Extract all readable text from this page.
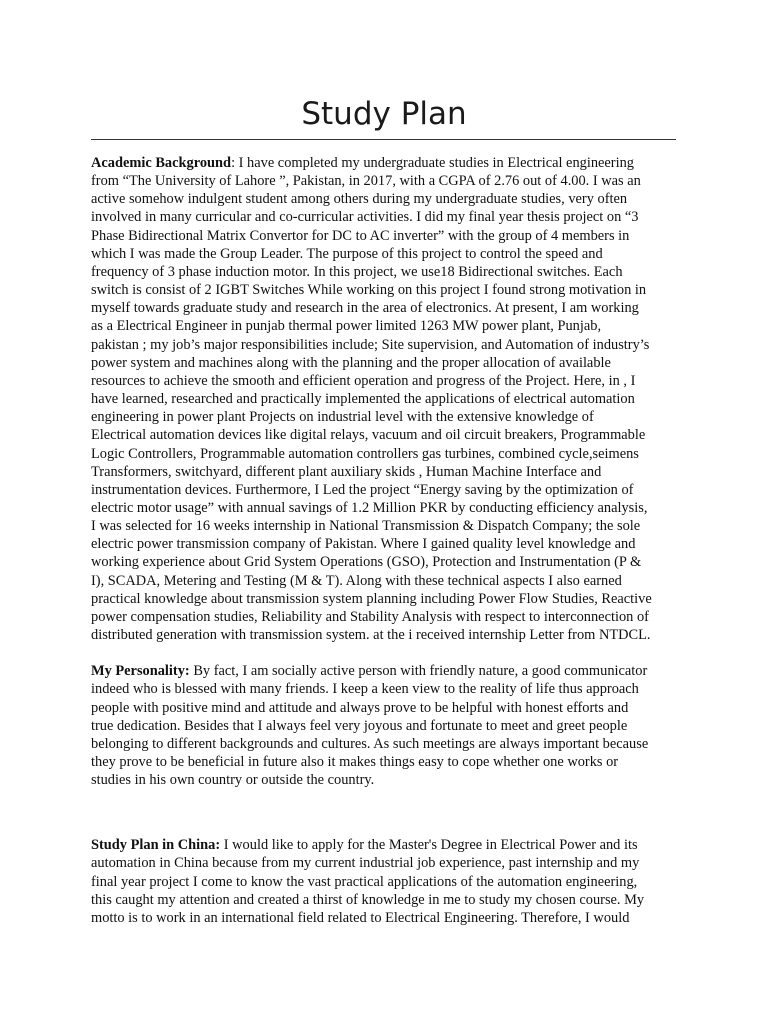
Study Plan
Academic Background: I have completed my undergraduate studies in Electrical engineering
from “The University of Lahore ”, Pakistan, in 2017, with a CGPA of 2.76 out of 4.00. I was an
active somehow indulgent student among others during my undergraduate studies, very often
involved in many curricular and co-curricular activities. I did my final year thesis project on “3
Phase Bidirectional Matrix Convertor for DC to AC inverter” with the group of 4 members in
which I was made the Group Leader. The purpose of this project to control the speed and
frequency of 3 phase induction motor. In this project, we use18 Bidirectional switches. Each
switch is consist of 2 IGBT Switches While working on this project I found strong motivation in
myself towards graduate study and research in the area of electronics. At present, I am working
as a Electrical Engineer in punjab thermal power limited 1263 MW power plant, Punjab,
pakistan ; my job’s major responsibilities include; Site supervision, and Automation of industry’s
power system and machines along with the planning and the proper allocation of available
resources to achieve the smooth and efficient operation and progress of the Project. Here, in , I
have learned, researched and practically implemented the applications of electrical automation
engineering in power plant Projects on industrial level with the extensive knowledge of
Electrical automation devices like digital relays, vacuum and oil circuit breakers, Programmable
Logic Controllers, Programmable automation controllers gas turbines, combined cycle,seimens
Transformers, switchyard, different plant auxiliary skids , Human Machine Interface and
instrumentation devices. Furthermore, I Led the project “Energy saving by the optimization of
electric motor usage” with annual savings of 1.2 Million PKR by conducting efficiency analysis,
I was selected for 16 weeks internship in National Transmission & Dispatch Company; the sole
electric power transmission company of Pakistan. Where I gained quality level knowledge and
working experience about Grid System Operations (GSO), Protection and Instrumentation (P &
I), SCADA, Metering and Testing (M & T). Along with these technical aspects I also earned
practical knowledge about transmission system planning including Power Flow Studies, Reactive
power compensation studies, Reliability and Stability Analysis with respect to interconnection of
distributed generation with transmission system. at the i received internship Letter from NTDCL.
My Personality: By fact, I am socially active person with friendly nature, a good communicator
indeed who is blessed with many friends. I keep a keen view to the reality of life thus approach
people with positive mind and attitude and always prove to be helpful with honest efforts and
true dedication. Besides that I always feel very joyous and fortunate to meet and greet people
belonging to different backgrounds and cultures. As such meetings are always important because
they prove to be beneficial in future also it makes things easy to cope whether one works or
studies in his own country or outside the country.
Study Plan in China: I would like to apply for the Master's Degree in Electrical Power and its
automation in China because from my current industrial job experience, past internship and my
final year project I come to know the vast practical applications of the automation engineering,
this caught my attention and created a thirst of knowledge in me to study my chosen course. My
motto is to work in an international field related to Electrical Engineering. Therefore, I would
